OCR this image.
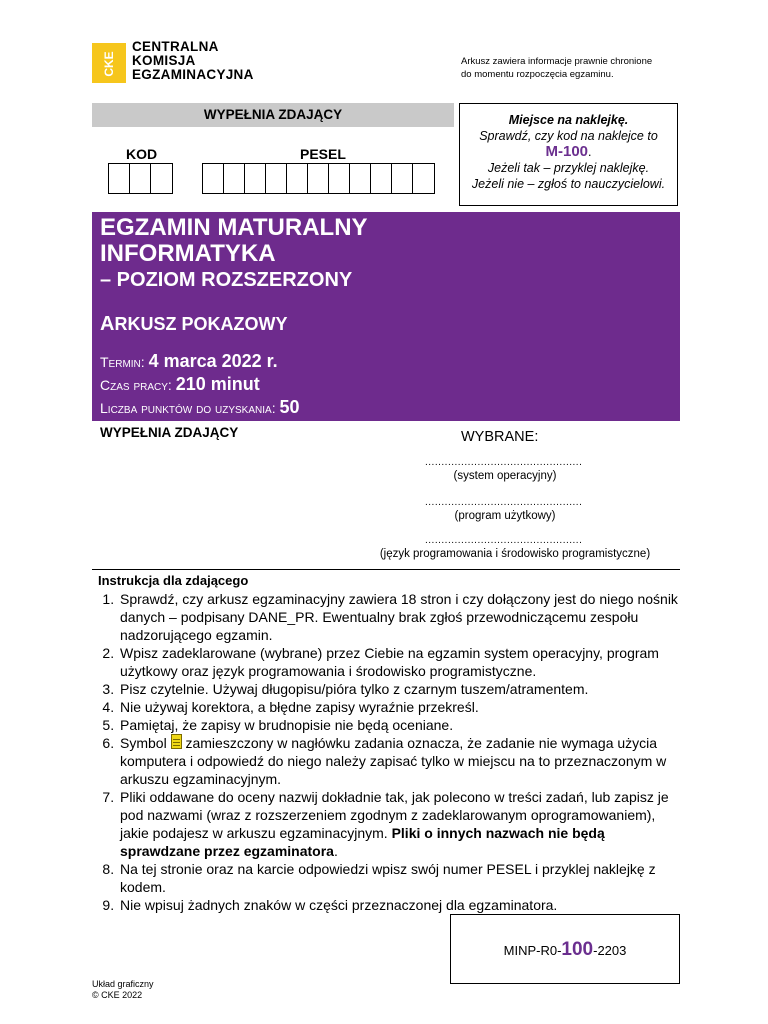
CKE
CENTRALNA
KOMISJA
EGZAMINACYJNA
Arkusz zawiera informacje prawnie chronione
do momentu rozpoczęcia egzaminu.
WYPEŁNIA ZDAJĄCY
KOD	PESEL
Miejsce na naklejkę.
Sprawdź, czy kod na naklejce to
M-100.
Jeżeli tak – przyklej naklejkę.
Jeżeli nie – zgłoś to nauczycielowi.
EGZAMIN MATURALNY
INFORMATYKA
– POZIOM ROZSZERZONY
ARKUSZ POKAZOWY
Termin: 4 marca 2022 r.
Czas pracy: 210 minut
Liczba punktów do uzyskania: 50
WYPEŁNIA ZDAJĄCY	WYBRANE:
................................................
(system operacyjny)
................................................
(program użytkowy)
................................................
(język programowania i środowisko programistyczne)
Instrukcja dla zdającego
1. Sprawdź, czy arkusz egzaminacyjny zawiera 18 stron i czy dołączony jest do niego nośnik danych – podpisany DANE_PR. Ewentualny brak zgłoś przewodniczącemu zespołu nadzorującego egzamin.
2. Wpisz zadeklarowane (wybrane) przez Ciebie na egzamin system operacyjny, program użytkowy oraz język programowania i środowisko programistyczne.
3. Pisz czytelnie. Używaj długopisu/pióra tylko z czarnym tuszem/atramentem.
4. Nie używaj korektora, a błędne zapisy wyraźnie przekreśl.
5. Pamiętaj, że zapisy w brudnopisie nie będą oceniane.
6. Symbol  zamieszczony w nagłówku zadania oznacza, że zadanie nie wymaga użycia komputera i odpowiedź do niego należy zapisać tylko w miejscu na to przeznaczonym w arkuszu egzaminacyjnym.
7. Pliki oddawane do oceny nazwij dokładnie tak, jak polecono w treści zadań, lub zapisz je pod nazwami (wraz z rozszerzeniem zgodnym z zadeklarowanym oprogramowaniem), jakie podajesz w arkuszu egzaminacyjnym. Pliki o innych nazwach nie będą sprawdzane przez egzaminatora.
8. Na tej stronie oraz na karcie odpowiedzi wpisz swój numer PESEL i przyklej naklejkę z kodem.
9. Nie wpisuj żadnych znaków w części przeznaczonej dla egzaminatora.
MINP-R0-100-2203
Układ graficzny
© CKE 2022
